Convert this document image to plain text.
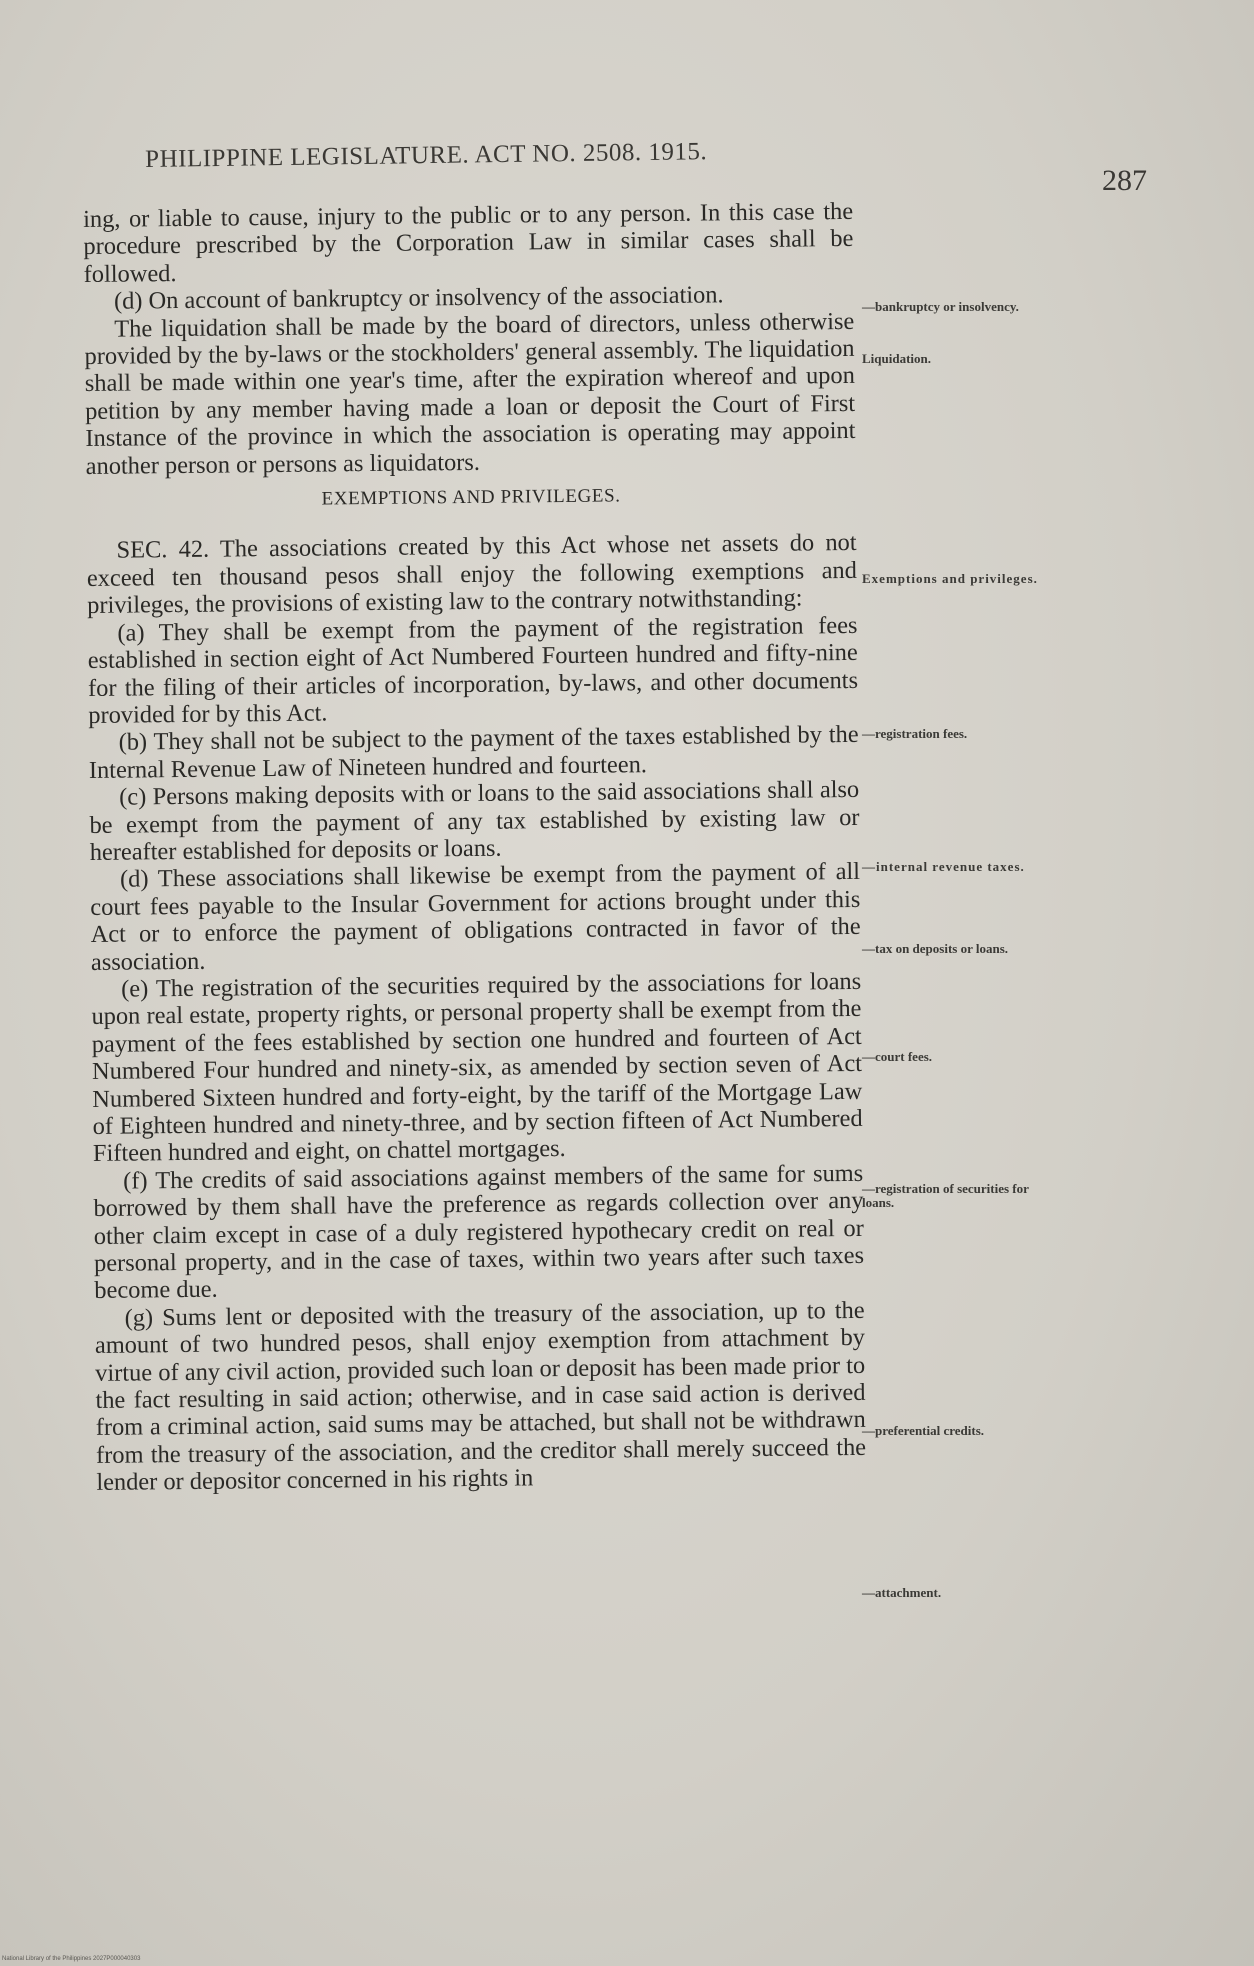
PHILIPPINE LEGISLATURE. ACT NO. 2508. 1915.
287

ing, or liable to cause, injury to the public or to any person. In this case the procedure prescribed by the Corporation Law in similar cases shall be followed.

(d) On account of bankruptcy or insolvency of the association.

The liquidation shall be made by the board of directors, unless otherwise provided by the by-laws or the stockholders' general assembly. The liquidation shall be made within one year's time, after the expiration whereof and upon petition by any member having made a loan or deposit the Court of First Instance of the province in which the association is operating may appoint another person or persons as liquidators.

EXEMPTIONS AND PRIVILEGES.

SEC. 42. The associations created by this Act whose net assets do not exceed ten thousand pesos shall enjoy the following exemptions and privileges, the provisions of existing law to the contrary notwithstanding:

(a) They shall be exempt from the payment of the registration fees established in section eight of Act Numbered Fourteen hundred and fifty-nine for the filing of their articles of incorporation, by-laws, and other documents provided for by this Act.

(b) They shall not be subject to the payment of the taxes established by the Internal Revenue Law of Nineteen hundred and fourteen.

(c) Persons making deposits with or loans to the said associations shall also be exempt from the payment of any tax established by existing law or hereafter established for deposits or loans.

(d) These associations shall likewise be exempt from the payment of all court fees payable to the Insular Government for actions brought under this Act or to enforce the payment of obligations contracted in favor of the association.

(e) The registration of the securities required by the associations for loans upon real estate, property rights, or personal property shall be exempt from the payment of the fees established by section one hundred and fourteen of Act Numbered Four hundred and ninety-six, as amended by section seven of Act Numbered Sixteen hundred and forty-eight, by the tariff of the Mortgage Law of Eighteen hundred and ninety-three, and by section fifteen of Act Numbered Fifteen hundred and eight, on chattel mortgages.

(f) The credits of said associations against members of the same for sums borrowed by them shall have the preference as regards collection over any other claim except in case of a duly registered hypothecary credit on real or personal property, and in the case of taxes, within two years after such taxes become due.

(g) Sums lent or deposited with the treasury of the association, up to the amount of two hundred pesos, shall enjoy exemption from attachment by virtue of any civil action, provided such loan or deposit has been made prior to the fact resulting in said action; otherwise, and in case said action is derived from a criminal action, said sums may be attached, but shall not be withdrawn from the treasury of the association, and the creditor shall merely succeed the lender or depositor concerned in his rights in

—bankruptcy or insolvency.
Liquidation.
Exemptions and privileges.
—registration fees.
—internal revenue taxes.
—tax on deposits or loans.
—court fees.
—registration of securities for loans.
—preferential credits.
—attachment.
National Library of the Philippines 2027P000040303
